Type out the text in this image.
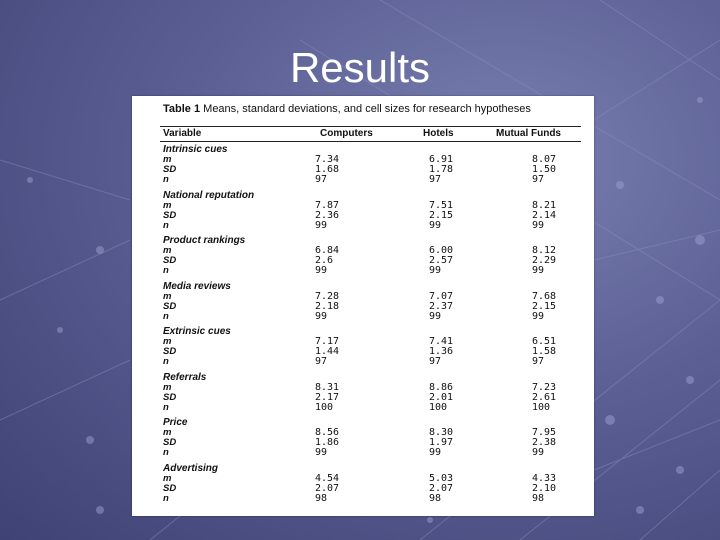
Results
Table 1 Means, standard deviations, and cell sizes for research hypotheses
Variable	Computers	Hotels	Mutual Funds
Intrinsic cues
m	7.34	6.91	8.07
SD	1.68	1.78	1.50
n	97	97	97
National reputation
m	7.87	7.51	8.21
SD	2.36	2.15	2.14
n	99	99	99
Product rankings
m	6.84	6.00	8.12
SD	2.6	2.57	2.29
n	99	99	99
Media reviews
m	7.28	7.07	7.68
SD	2.18	2.37	2.15
n	99	99	99
Extrinsic cues
m	7.17	7.41	6.51
SD	1.44	1.36	1.58
n	97	97	97
Referrals
m	8.31	8.86	7.23
SD	2.17	2.01	2.61
n	100	100	100
Price
m	8.56	8.30	7.95
SD	1.86	1.97	2.38
n	99	99	99
Advertising
m	4.54	5.03	4.33
SD	2.07	2.07	2.10
n	98	98	98
